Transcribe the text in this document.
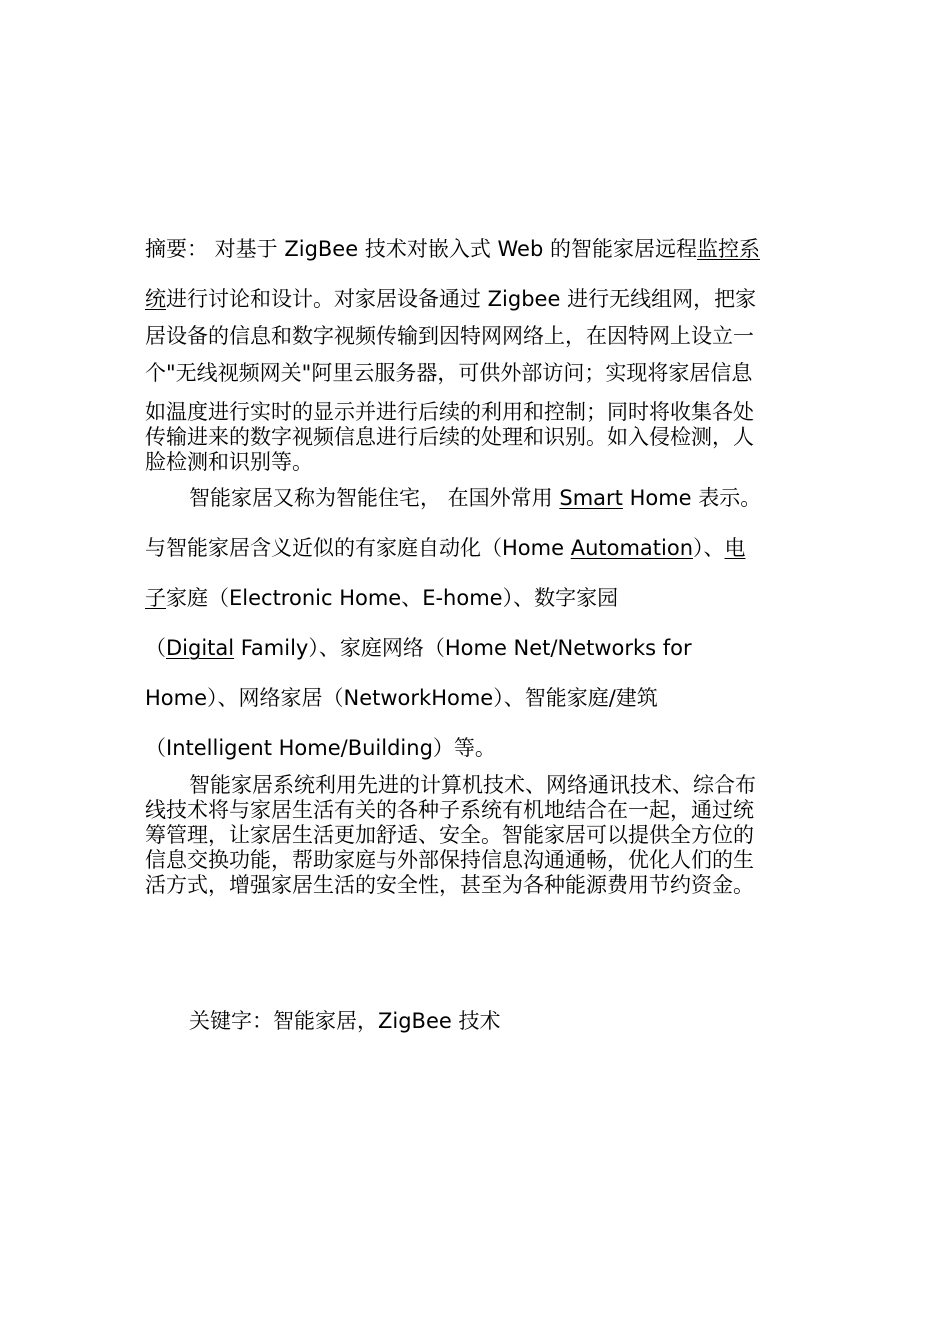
摘要： 对基于 ZigBee 技术对嵌入式 Web 的智能家居远程监控系
统进行讨论和设计。对家居设备通过 Zigbee 进行无线组网，把家
居设备的信息和数字视频传输到因特网网络上，在因特网上设立一
个"无线视频网关"阿里云服务器，可供外部访问；实现将家居信息
如温度进行实时的显示并进行后续的利用和控制；同时将收集各处
传输进来的数字视频信息进行后续的处理和识别。如入侵检测，人
脸检测和识别等。
智能家居又称为智能住宅， 在国外常用 Smart Home 表示。
与智能家居含义近似的有家庭自动化（Home Automation）、电
子家庭（Electronic Home、E-home）、数字家园
（Digital Family）、家庭网络（Home Net/Networks for
Home）、网络家居（NetworkHome）、智能家庭/建筑
（Intelligent Home/Building）等。
智能家居系统利用先进的计算机技术、网络通讯技术、综合布
线技术将与家居生活有关的各种子系统有机地结合在一起，通过统
筹管理，让家居生活更加舒适、安全。智能家居可以提供全方位的
信息交换功能，帮助家庭与外部保持信息沟通通畅，优化人们的生
活方式，增强家居生活的安全性，甚至为各种能源费用节约资金。
关键字：智能家居，ZigBee 技术
